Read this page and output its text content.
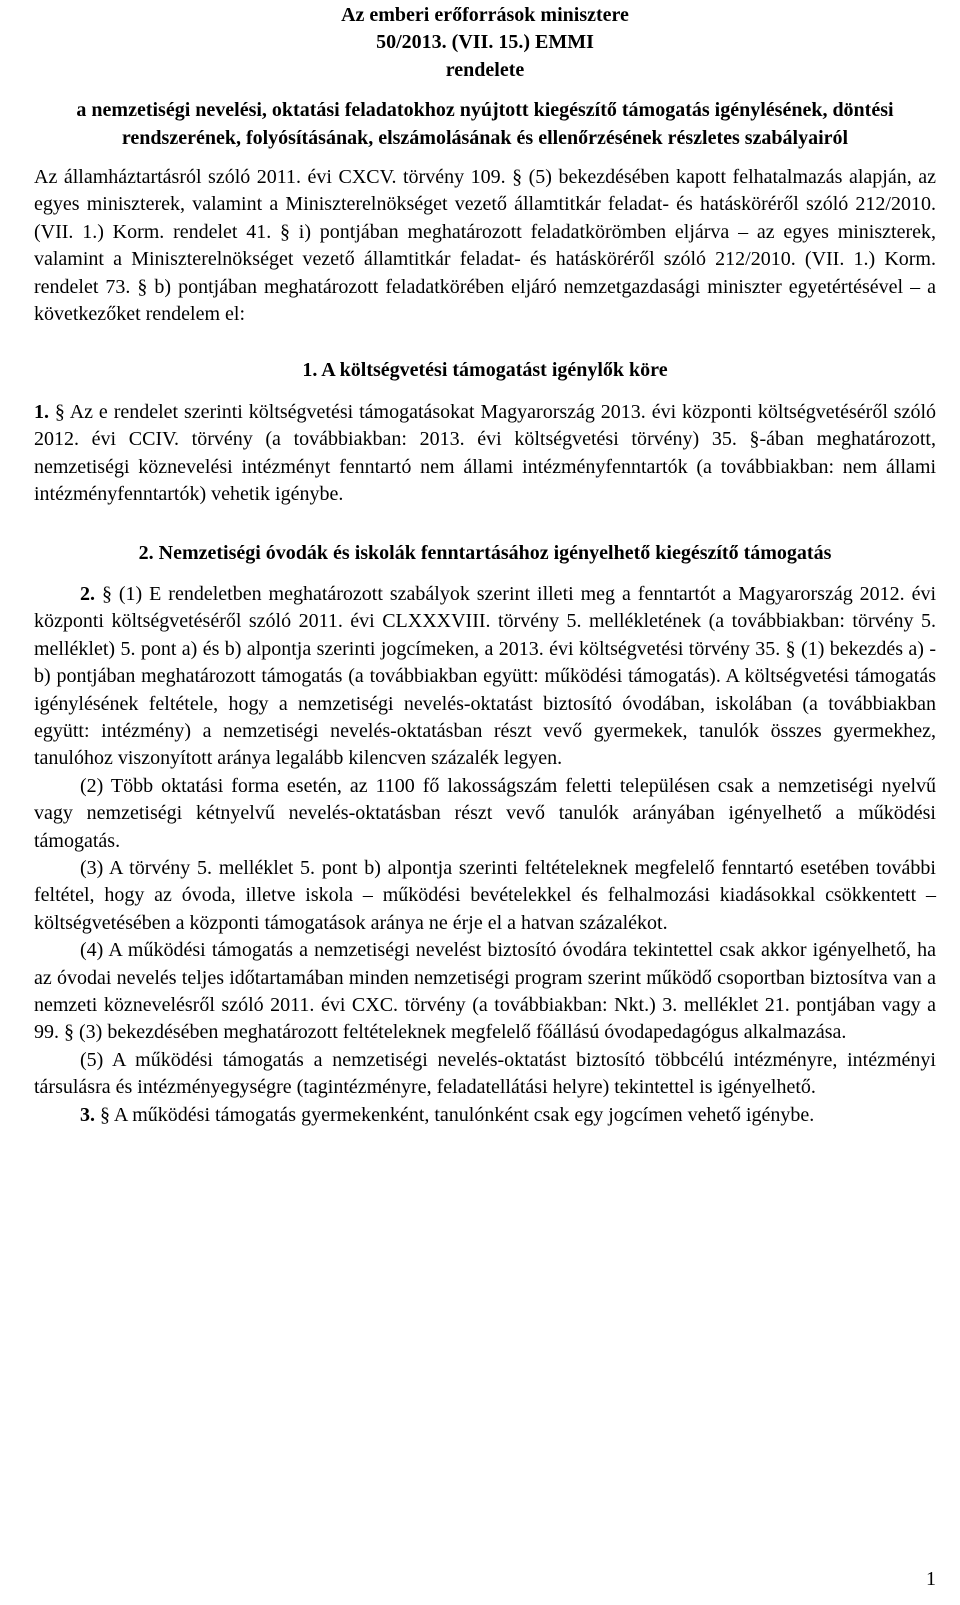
Az emberi erőforrások minisztere
50/2013. (VII. 15.) EMMI
rendelete
a nemzetiségi nevelési, oktatási feladatokhoz nyújtott kiegészítő támogatás igénylésének, döntési rendszerének, folyósításának, elszámolásának és ellenőrzésének részletes szabályairól

Az államháztartásról szóló 2011. évi CXCV. törvény 109. § (5) bekezdésében kapott felhatalmazás alapján, az egyes miniszterek, valamint a Miniszterelnökséget vezető államtitkár feladat- és hatásköréről szóló 212/2010. (VII. 1.) Korm. rendelet 41. § i) pontjában meghatározott feladatkörömben eljárva – az egyes miniszterek, valamint a Miniszterelnökséget vezető államtitkár feladat- és hatásköréről szóló 212/2010. (VII. 1.) Korm. rendelet 73. § b) pontjában meghatározott feladatkörében eljáró nemzetgazdasági miniszter egyetértésével – a következőket rendelem el:

1. A költségvetési támogatást igénylők köre

1. § Az e rendelet szerinti költségvetési támogatásokat Magyarország 2013. évi központi költségvetéséről szóló 2012. évi CCIV. törvény (a továbbiakban: 2013. évi költségvetési törvény) 35. §-ában meghatározott, nemzetiségi köznevelési intézményt fenntartó nem állami intézményfenntartók (a továbbiakban: nem állami intézményfenntartók) vehetik igénybe.

2. Nemzetiségi óvodák és iskolák fenntartásához igényelhető kiegészítő támogatás

2. § (1) E rendeletben meghatározott szabályok szerint illeti meg a fenntartót a Magyarország 2012. évi központi költségvetéséről szóló 2011. évi CLXXXVIII. törvény 5. mellékletének (a továbbiakban: törvény 5. melléklet) 5. pont a) és b) alpontja szerinti jogcímeken, a 2013. évi költségvetési törvény 35. § (1) bekezdés a) - b) pontjában meghatározott támogatás (a továbbiakban együtt: működési támogatás). A költségvetési támogatás igénylésének feltétele, hogy a nemzetiségi nevelés-oktatást biztosító óvodában, iskolában (a továbbiakban együtt: intézmény) a nemzetiségi nevelés-oktatásban részt vevő gyermekek, tanulók összes gyermekhez, tanulóhoz viszonyított aránya legalább kilencven százalék legyen.

(2) Több oktatási forma esetén, az 1100 fő lakosságszám feletti településen csak a nemzetiségi nyelvű vagy nemzetiségi kétnyelvű nevelés-oktatásban részt vevő tanulók arányában igényelhető a működési támogatás.

(3) A törvény 5. melléklet 5. pont b) alpontja szerinti feltételeknek megfelelő fenntartó esetében további feltétel, hogy az óvoda, illetve iskola – működési bevételekkel és felhalmozási kiadásokkal csökkentett – költségvetésében a központi támogatások aránya ne érje el a hatvan százalékot.

(4) A működési támogatás a nemzetiségi nevelést biztosító óvodára tekintettel csak akkor igényelhető, ha az óvodai nevelés teljes időtartamában minden nemzetiségi program szerint működő csoportban biztosítva van a nemzeti köznevelésről szóló 2011. évi CXC. törvény (a továbbiakban: Nkt.) 3. melléklet 21. pontjában vagy a 99. § (3) bekezdésében meghatározott feltételeknek megfelelő főállású óvodapedagógus alkalmazása.

(5) A működési támogatás a nemzetiségi nevelés-oktatást biztosító többcélú intézményre, intézményi társulásra és intézményegységre (tagintézményre, feladatellátási helyre) tekintettel is igényelhető.

3. § A működési támogatás gyermekenként, tanulónként csak egy jogcímen vehető igénybe.

1
